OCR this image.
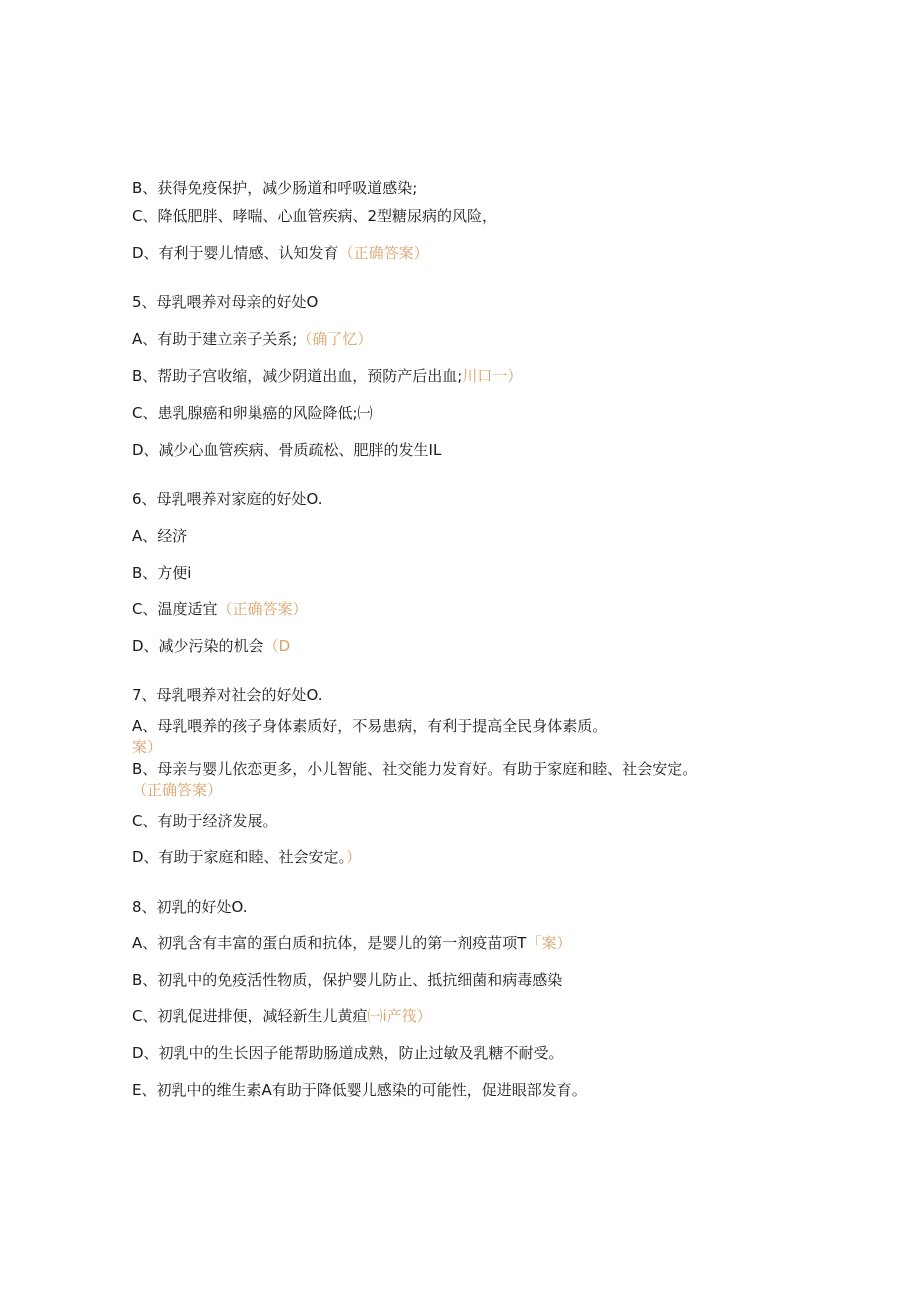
B、获得免疫保护，减少肠道和呼吸道感染;
C、降低肥胖、哮喘、心血管疾病、2型糖尿病的风险，
D、有利于婴儿情感、认知发育（正确答案）
5、母乳喂养对母亲的好处O
A、有助于建立亲子关系;（确了忆）
B、帮助子宫收缩，减少阴道出血，预防产后出血;川口一）
C、患乳腺癌和卵巢癌的风险降低;㈠
D、减少心血管疾病、骨质疏松、肥胖的发生IL
6、母乳喂养对家庭的好处O.
A、经济
B、方便i
C、温度适宜（正确答案）
D、减少污染的机会（D
7、母乳喂养对社会的好处O.
A、母乳喂养的孩子身体素质好，不易患病，有利于提高全民身体素质。
案）
B、母亲与婴儿依恋更多，小儿智能、社交能力发育好。有助于家庭和睦、社会安定。
（正确答案）
C、有助于经济发展。
D、有助于家庭和睦、社会安定。）
8、初乳的好处O.
A、初乳含有丰富的蛋白质和抗体，是婴儿的第一剂疫苗项T「案）
B、初乳中的免疫活性物质，保护婴儿防止、抵抗细菌和病毒感染
C、初乳促进排便，减轻新生儿黄疸㈠i产筏）
D、初乳中的生长因子能帮助肠道成熟，防止过敏及乳糖不耐受。
E、初乳中的维生素A有助于降低婴儿感染的可能性，促进眼部发育。
